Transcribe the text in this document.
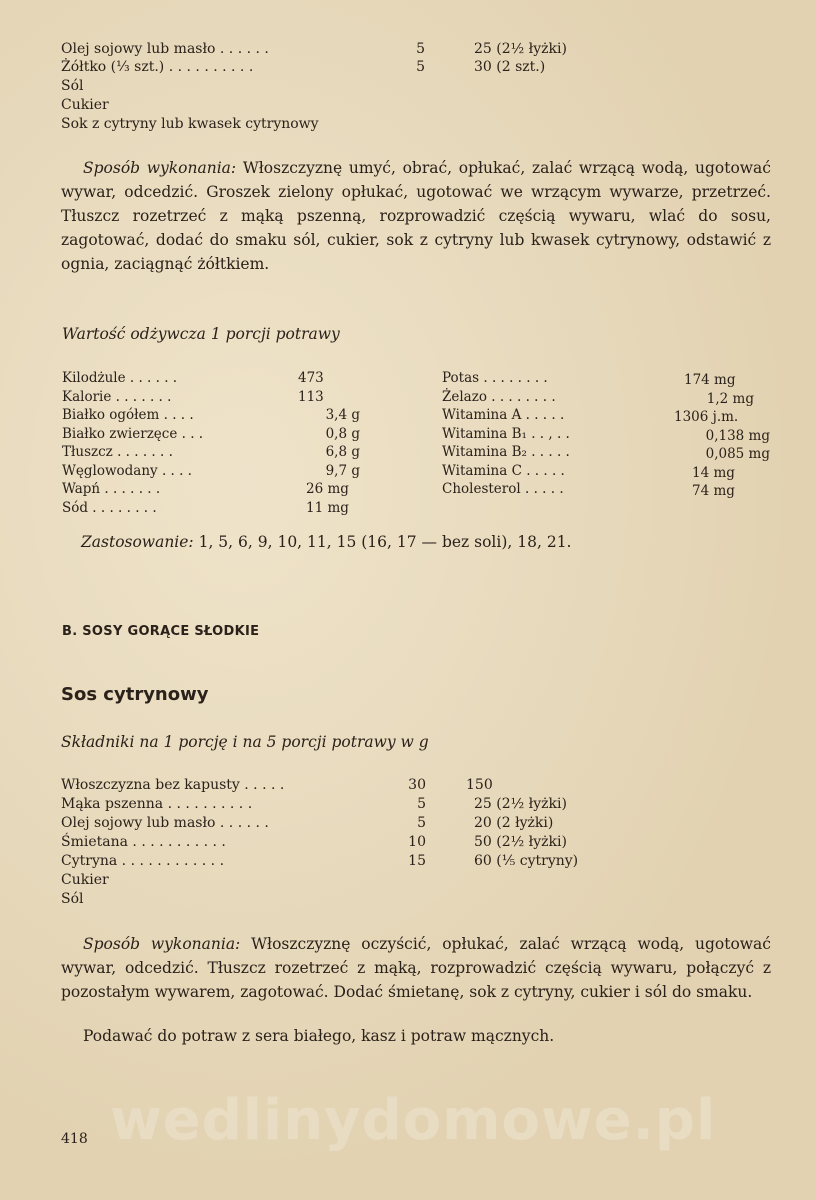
Olej sojowy lub masło . . . . . .	5	25 (2½ łyżki)
Żółtko (⅓ szt.) . . . . . . . . . .	5	30 (2 szt.)
Sól
Cukier
Sok z cytryny lub kwasek cytrynowy
Sposób wykonania: Włoszczyznę umyć, obrać, opłukać, zalać wrzącą wodą, ugotować wywar, odcedzić. Groszek zielony opłukać, ugotować we wrzącym wywarze, przetrzeć. Tłuszcz rozetrzeć z mąką pszenną, rozprowadzić częścią wywaru, wlać do sosu, zagotować, dodać do smaku sól, cukier, sok z cytryny lub kwasek cytrynowy, odstawić z ognia, zaciągnąć żółtkiem.
Wartość odżywcza 1 porcji potrawy
Kilodżule . . . . . .	473
Kalorie . . . . . . .	113
Białko ogółem . . . .	3,4 g
Białko zwierzęce . . .	0,8 g
Tłuszcz . . . . . . .	6,8 g
Węglowodany . . . .	9,7 g
Wapń . . . . . . .	26 mg
Sód . . . . . . . .	11 mg
Potas . . . . . . . .	174 mg
Żelazo . . . . . . . .	1,2 mg
Witamina A . . . . .	1306 j.m.
Witamina B₁ . . , . .	0,138 mg
Witamina B₂ . . . . .	0,085 mg
Witamina C . . . . .	14 mg
Cholesterol . . . . .	74 mg
Zastosowanie: 1, 5, 6, 9, 10, 11, 15 (16, 17 — bez soli), 18, 21.
B. SOSY GORĄCE SŁODKIE
Sos cytrynowy
Składniki na 1 porcję i na 5 porcji potrawy w g
Włoszczyzna bez kapusty . . . . .	30	150
Mąka pszenna . . . . . . . . . .	5	25 (2½ łyżki)
Olej sojowy lub masło . . . . . .	5	20 (2 łyżki)
Śmietana . . . . . . . . . . .	10	50 (2½ łyżki)
Cytryna . . . . . . . . . . . .	15	60 (⅕ cytryny)
Cukier
Sól
Sposób wykonania: Włoszczyznę oczyścić, opłukać, zalać wrzącą wodą, ugotować wywar, odcedzić. Tłuszcz rozetrzeć z mąką, rozprowadzić częścią wywaru, połączyć z pozostałym wywarem, zagotować. Dodać śmietanę, sok z cytryny, cukier i sól do smaku.
Podawać do potraw z sera białego, kasz i potraw mącznych.
wedlinydomowe.pl
418
